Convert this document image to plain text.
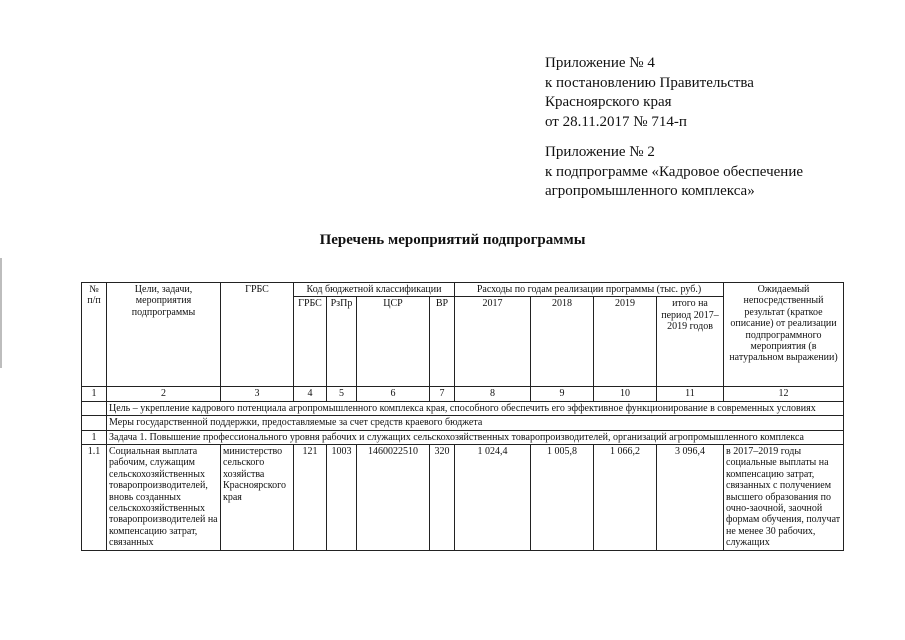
Приложение № 4
к постановлению Правительства
Красноярского края
от 28.11.2017 № 714-п
Приложение № 2
к подпрограмме «Кадровое обеспечение
агропромышленного комплекса»
Перечень мероприятий подпрограммы
№ п/п	Цели, задачи, мероприятия подпрограммы	ГРБС	Код бюджетной классификации				Расходы по годам реализации программы (тыс. руб.)				Ожидаемый непосредственный результат (краткое описание) от реализации подпрограммного мероприятия (в натуральном выражении)
			ГРБС	РзПр	ЦСР	ВР	2017	2018	2019	итого на период 2017–2019 годов	
1	2	3	4	5	6	7	8	9	10	11	12
	Цель – укрепление кадрового потенциала агропромышленного комплекса края, способного обеспечить его эффективное функционирование в современных условиях										
	Меры государственной поддержки, предоставляемые за счет средств краевого бюджета										
1	Задача 1. Повышение профессионального уровня рабочих и служащих сельскохозяйственных товаропроизводителей, организаций агропромышленного комплекса										
1.1	Социальная выплата рабочим, служащим сельскохозяйственных товаропроизводителей, вновь созданных сельскохозяйственных товаропроизводителей на компенсацию затрат, связанных	министерство сельского хозяйства Красноярского края	121	1003	1460022510	320	1 024,4	1 005,8	1 066,2	3 096,4	в 2017–2019 годы социальные выплаты на компенсацию затрат, связанных с получением высшего образования по очно-заочной, заочной формам обучения, получат не менее 30 рабочих, служащих
